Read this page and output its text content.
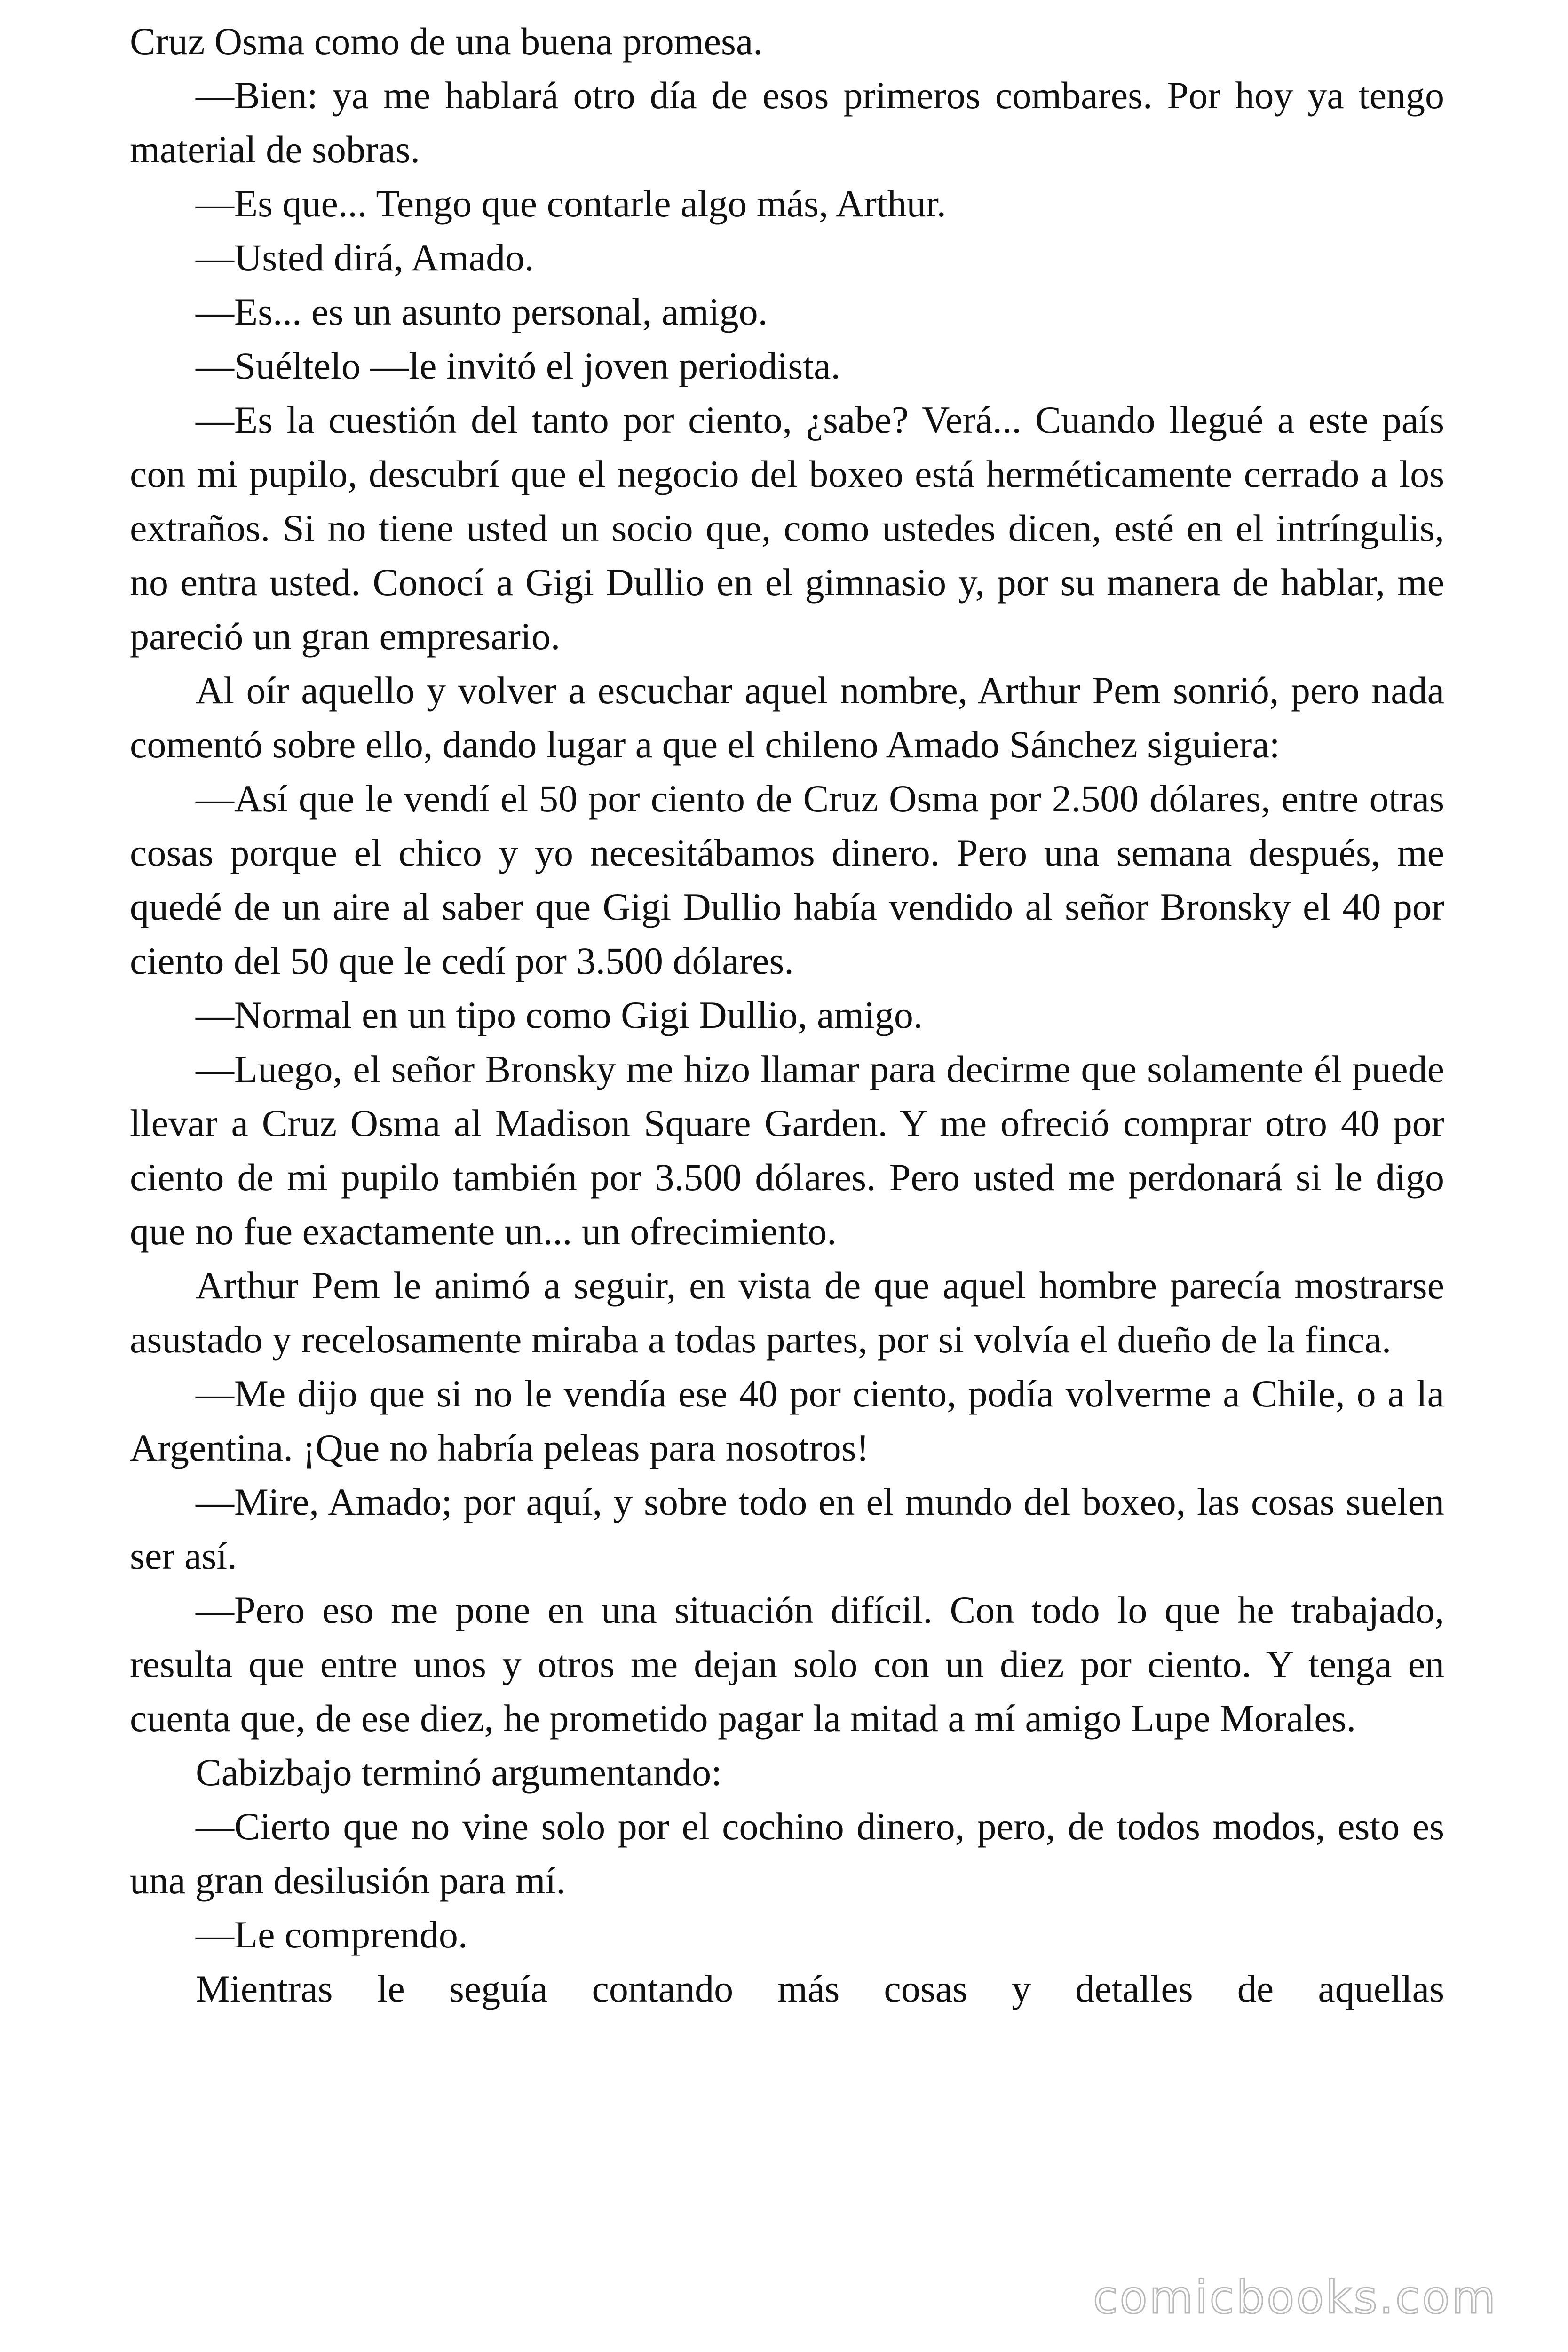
Cruz Osma como de una buena promesa.

—Bien: ya me hablará otro día de esos primeros combares. Por hoy ya tengo material de sobras.

—Es que... Tengo que contarle algo más, Arthur.

—Usted dirá, Amado.

—Es... es un asunto personal, amigo.

—Suéltelo —le invitó el joven periodista.

—Es la cuestión del tanto por ciento, ¿sabe? Verá... Cuando llegué a este país con mi pupilo, descubrí que el negocio del boxeo está herméticamente cerrado a los extraños. Si no tiene usted un socio que, como ustedes dicen, esté en el intríngulis, no entra usted. Conocí a Gigi Dullio en el gimnasio y, por su manera de hablar, me pareció un gran empresario.

Al oír aquello y volver a escuchar aquel nombre, Arthur Pem sonrió, pero nada comentó sobre ello, dando lugar a que el chileno Amado Sánchez siguiera:

—Así que le vendí el 50 por ciento de Cruz Osma por 2.500 dólares, entre otras cosas porque el chico y yo necesitábamos dinero. Pero una semana después, me quedé de un aire al saber que Gigi Dullio había vendido al señor Bronsky el 40 por ciento del 50 que le cedí por 3.500 dólares.

—Normal en un tipo como Gigi Dullio, amigo.

—Luego, el señor Bronsky me hizo llamar para decirme que solamente él puede llevar a Cruz Osma al Madison Square Garden. Y me ofreció comprar otro 40 por ciento de mi pupilo también por 3.500 dólares. Pero usted me perdonará si le digo que no fue exactamente un... un ofrecimiento.

Arthur Pem le animó a seguir, en vista de que aquel hombre parecía mostrarse asustado y recelosamente miraba a todas partes, por si volvía el dueño de la finca.

—Me dijo que si no le vendía ese 40 por ciento, podía volverme a Chile, o a la Argentina. ¡Que no habría peleas para nosotros!

—Mire, Amado; por aquí, y sobre todo en el mundo del boxeo, las cosas suelen ser así.

—Pero eso me pone en una situación difícil. Con todo lo que he trabajado, resulta que entre unos y otros me dejan solo con un diez por ciento. Y tenga en cuenta que, de ese diez, he prometido pagar la mitad a mí amigo Lupe Morales.

Cabizbajo terminó argumentando:

—Cierto que no vine solo por el cochino dinero, pero, de todos modos, esto es una gran desilusión para mí.

—Le comprendo.

Mientras le seguía contando más cosas y detalles de aquellas

comicbooks.com
